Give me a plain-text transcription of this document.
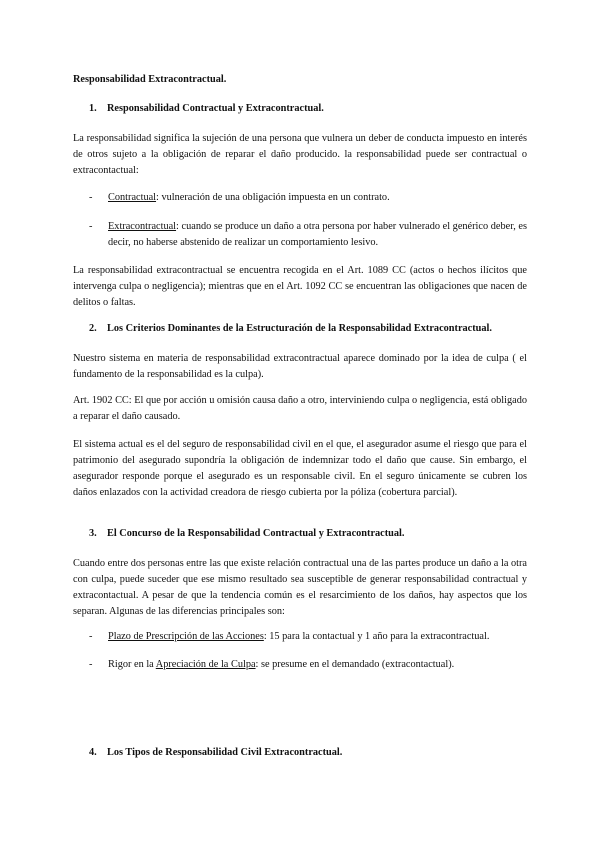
Responsabilidad Extracontractual.
1. Responsabilidad Contractual y Extracontractual.
La responsabilidad significa la sujeción de una persona que vulnera un deber de conducta impuesto en interés de otros sujeto a la obligación de reparar el daño producido. la responsabilidad puede ser contractual o extracontactual:
- Contractual: vulneración de una obligación impuesta en un contrato.
- Extracontractual: cuando se produce un daño a otra persona por haber vulnerado el genérico deber, es decir, no haberse abstenido de realizar un comportamiento lesivo.
La responsabilidad extracontractual se encuentra recogida en el Art. 1089 CC (actos o hechos ilícitos que intervenga culpa o negligencia); mientras que en el Art. 1092 CC se encuentran las obligaciones que nacen de delitos o faltas.
2. Los Criterios Dominantes de la Estructuración de la Responsabilidad Extracontractual.
Nuestro sistema en materia de responsabilidad extracontractual aparece dominado por la idea de culpa ( el fundamento de la responsabilidad es la culpa).
Art. 1902 CC: El que por acción u omisión causa daño a otro, interviniendo culpa o negligencia, está obligado a reparar el daño causado.
El sistema actual es el del seguro de responsabilidad civil en el que, el asegurador asume el riesgo que para el patrimonio del asegurado supondría la obligación de indemnizar todo el daño que cause. Sin embargo, el asegurador responde porque el asegurado es un responsable civil. En el seguro únicamente se cubren los daños enlazados con la actividad creadora de riesgo cubierta por la póliza (cobertura parcial).
3. El Concurso de la Responsabilidad Contractual y Extracontractual.
Cuando entre dos personas entre las que existe relación contractual una de las partes produce un daño a la otra con culpa, puede suceder que ese mismo resultado sea susceptible de generar responsabilidad contractual y extracontactual. A pesar de que la tendencia común es el resarcimiento de los daños, hay aspectos que los separan. Algunas de las diferencias principales son:
- Plazo de Prescripción de las Acciones: 15 para la contactual y 1 año para la extracontractual.
- Rigor en la Apreciación de la Culpa: se presume en el demandado (extracontactual).
4. Los Tipos de Responsabilidad Civil Extracontractual.
